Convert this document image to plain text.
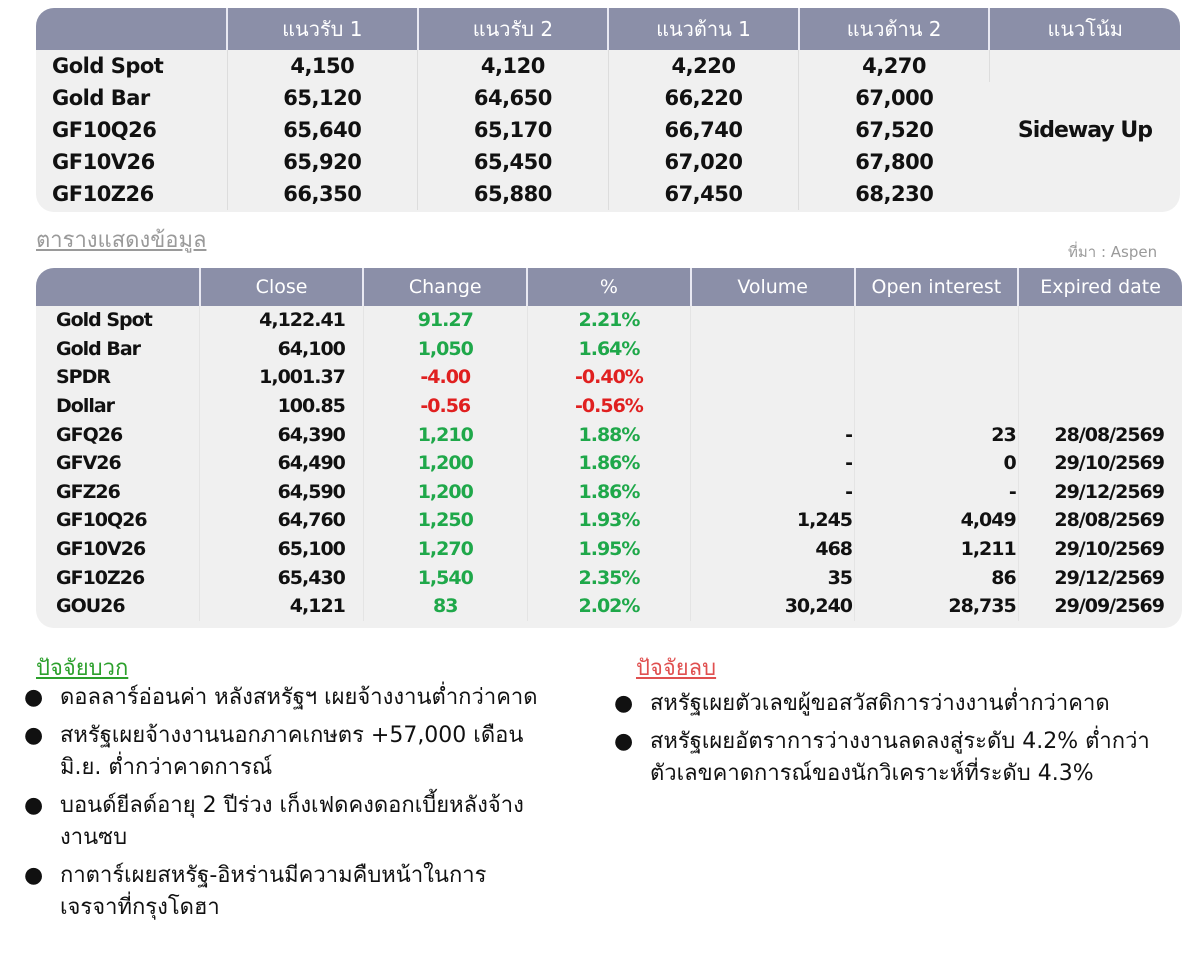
	แนวรับ 1	แนวรับ 2	แนวต้าน 1	แนวต้าน 2	แนวโน้ม
Gold Spot	4,150	4,120	4,220	4,270	Sideway Up
Gold Bar	65,120	64,650	66,220	67,000	
GF10Q26	65,640	65,170	66,740	67,520	
GF10V26	65,920	65,450	67,020	67,800	
GF10Z26	66,350	65,880	67,450	68,230	
ตารางแสดงข้อมูล	ที่มา : Aspen

	Close	Change	%	Volume	Open interest	Expired date
Gold Spot	4,122.41	91.27	2.21%			
Gold Bar	64,100	1,050	1.64%			
SPDR	1,001.37	-4.00	-0.40%			
Dollar	100.85	-0.56	-0.56%			
GFQ26	64,390	1,210	1.88%	-	23	28/08/2569
GFV26	64,490	1,200	1.86%	-	0	29/10/2569
GFZ26	64,590	1,200	1.86%	-	-	29/12/2569
GF10Q26	64,760	1,250	1.93%	1,245	4,049	28/08/2569
GF10V26	65,100	1,270	1.95%	468	1,211	29/10/2569
GF10Z26	65,430	1,540	2.35%	35	86	29/12/2569
GOU26	4,121	83	2.02%	30,240	28,735	29/09/2569
ปัจจัยบวก
● ดอลลาร์อ่อนค่า หลังสหรัฐฯ เผยจ้างงานต่ำกว่าคาด
● สหรัฐเผยจ้างงานนอกภาคเกษตร +57,000 เดือนมิ.ย. ต่ำกว่าคาดการณ์
● บอนด์ยีลด์อายุ 2 ปีร่วง เก็งเฟดคงดอกเบี้ยหลังจ้างงานซบ
● กาตาร์เผยสหรัฐ-อิหร่านมีความคืบหน้าในการเจรจาที่กรุงโดฮา
ปัจจัยลบ
● สหรัฐเผยตัวเลขผู้ขอสวัสดิการว่างงานต่ำกว่าคาด
● สหรัฐเผยอัตราการว่างงานลดลงสู่ระดับ 4.2% ต่ำกว่าตัวเลขคาดการณ์ของนักวิเคราะห์ที่ระดับ 4.3%
